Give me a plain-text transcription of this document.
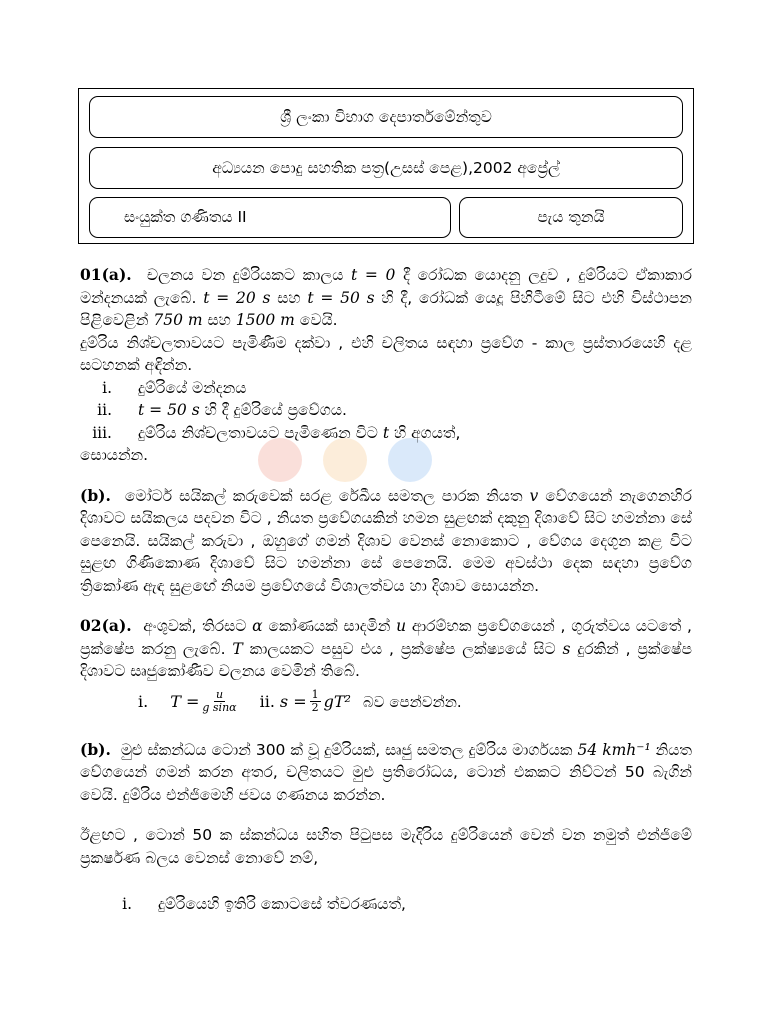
ශ්‍රී ලංකා විභාග දෙපාර්තමේන්තුව
අධ්‍යයන පොදු සහතික පත්‍ර(උසස් පෙළ),2002 අප්‍රේල්
සංයුක්ත ගණිතය II	පැය තුනයි

01(a). චලනය වන දුම්රියකට කාලය t = 0 දී රෝධක යොදනු ලදුව , දුම්රියට ඒකාකාර මන්දනයක් ලැබේ. t = 20 s සහ t = 50 s හි දී, රෝධක් යෙදූ පිහිටීමේ සිට එහි විස්ථාපන පිළිවෙළින් 750 m සහ 1500 m වෙයි.

දුම්රිය නිශ්චලතාවයට පැමිණීම දක්වා , එහි චලිතය සඳහා ප්‍රවේග - කාල ප්‍රස්තාරයෙහි දළ සටහනක් අඳින්න.

i.	දුම්රියේ මන්දනය
ii.	t = 50 s හි දී දුම්රියේ ප්‍රවේගය.
iii.	දුම්රිය නිශ්චලතාවයට පැමිණෙන විට t හි අගයත්,

සොයන්න.

(b). මෝටර් සයිකල් කරුවෙක් සරළ රේඛීය සමතල පාරක නියත v වේගයෙන් නැගෙනහිර දිශාවට සයිකලය පදවන විට , නියත ප්‍රවේගයකින් හමන සුළඟක් දකුනු දිශාවේ සිට හමන්නා සේ පෙනෙයි. සයිකල් කරුවා , ඔහුගේ ගමන් දිශාව වෙනස් නොකොට , වේගය දෙගුන කළ විට සුළඟ ගිණිකොණ දිශාවේ සිට හමන්නා සේ පෙනෙයි. මෙම අවස්ථා දෙක සඳහා ප්‍රවේග ත්‍රිකෝණ ඇඳ සුළඟේ නියම ප්‍රවේගයේ විශාලත්වය හා දිශාව සොයන්න.

02(a). අංශුවක්, තිරසට α කෝණයක් සාදමින් u ආරම්භක ප්‍රවේගයෙන් , ගුරුත්වය යටතේ , ප්‍රක්ෂේප කරනු ලැබේ. T කාලයකට පසුව එය , ප්‍රක්ෂේප ලක්ෂ්‍යයේ සිට s දුරකින් , ප්‍රක්ෂේප දිශාවට සෘජුකෝණීව චලනය වෙමින් තිබේ.

i. $T = \frac{u}{\text{g sinα}}$ ii. $s = \frac{1}{2} gT^2$ බව පෙන්වන්න.

(b). මුළු ස්කන්ධය ටොන් 300 ක් වූ දුම්රියක්, සෘජු සමතල දුම්රිය මාර්ගයක 54 kmh⁻¹ නියත වේගයෙන් ගමන් කරන අතර, චලිතයට මුළු ප්‍රතිරෝධය, ටොන් එකකට නිව්ටන් 50 බැගින් වෙයි. දුම්රිය එන්ජිමෙහි ජවය ගණනය කරන්න.

ඊළඟට , ටොන් 50 ක ස්කන්ධය සහිත පිටුපස මැදිරිය දුම්රියෙන් වෙන් වන නමුත් එන්ජිමේ ප්‍රකර්ෂණ බලය වෙනස් නොවේ නම්,

i.	දුම්රියෙහි ඉතිරි කොටසේ ත්වරණයත්,
